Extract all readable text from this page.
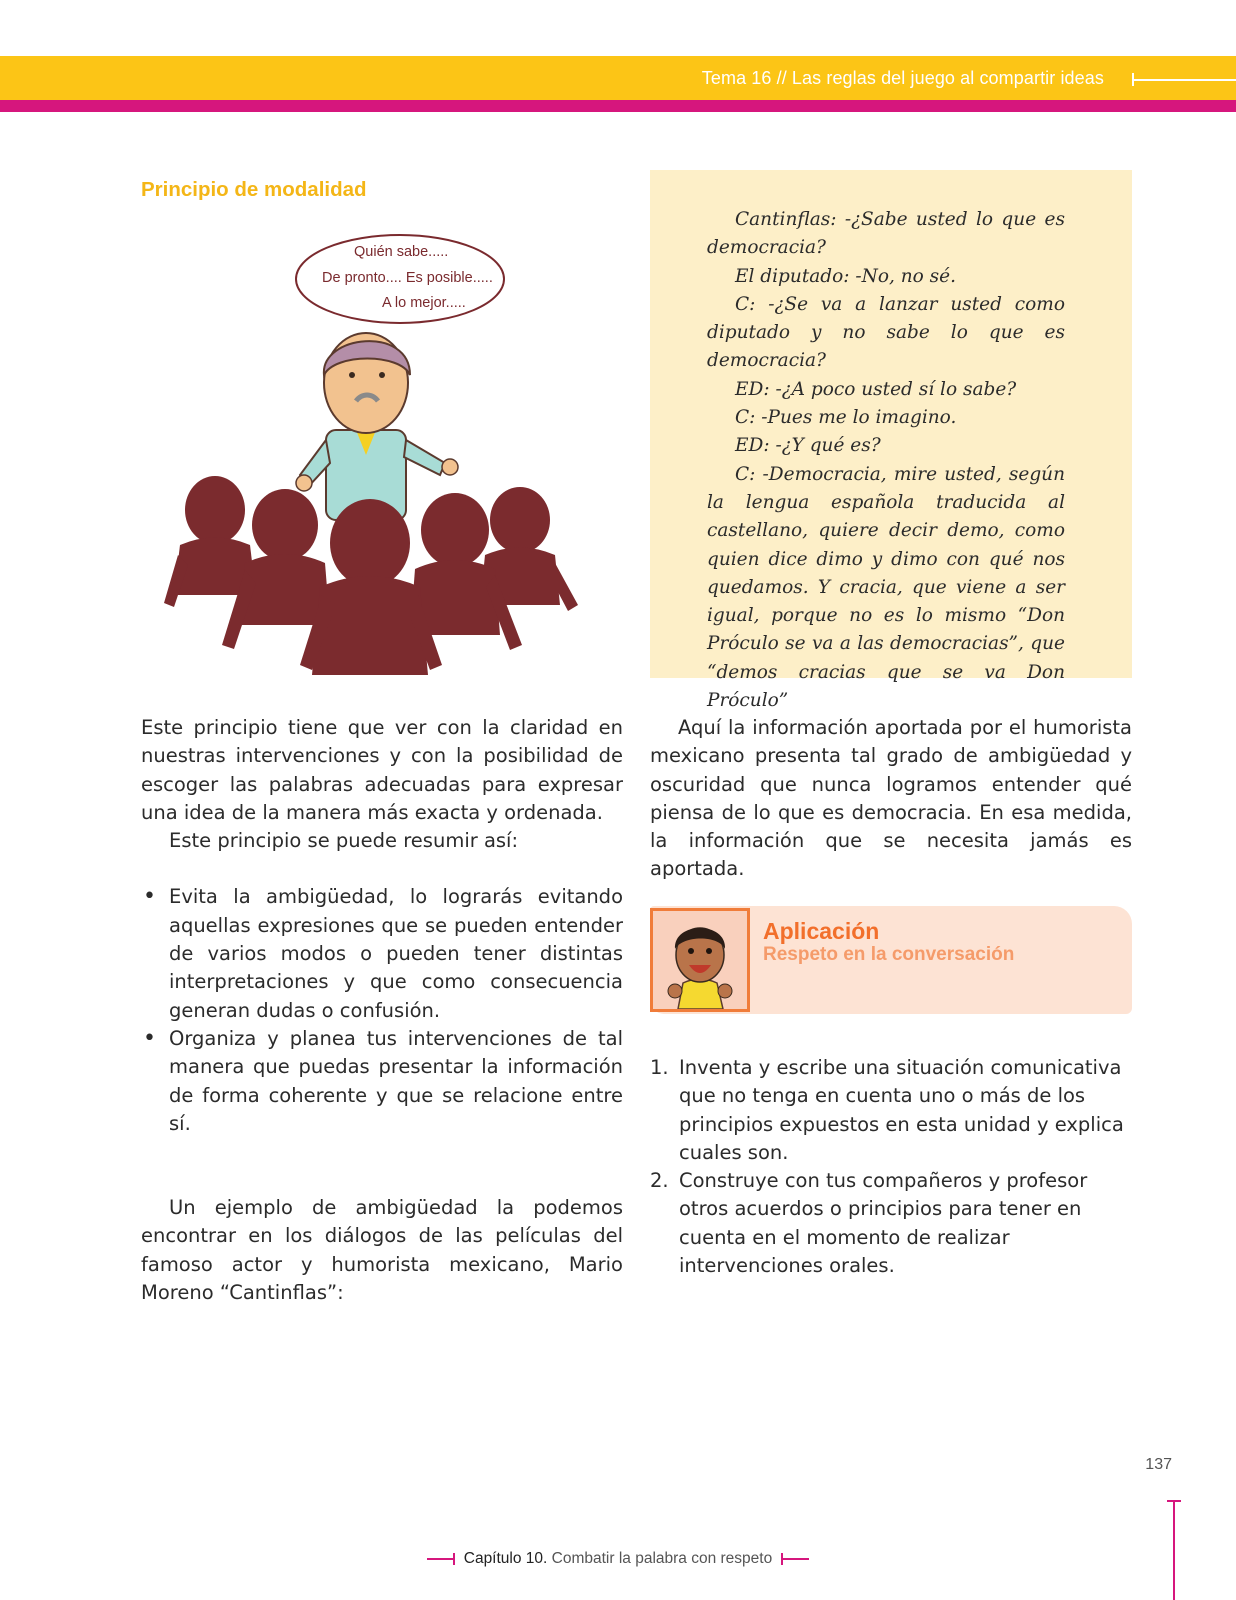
Tema 16 // Las reglas del juego al compartir ideas
Principio de modalidad
Quién sabe.....
De pronto.... Es posible.....
A lo mejor.....

Cantinflas: -¿Sabe usted lo que es democracia?

El diputado: -No, no sé.

C: -¿Se va a lanzar usted como diputado y no sabe lo que es democracia?

ED: -¿A poco usted sí lo sabe?

C: -Pues me lo imagino.

ED: -¿Y qué es?

C: -Democracia, mire usted, según la lengua española traducida al castellano, quiere decir demo, como quien dice dimo y dimo con qué nos quedamos. Y cracia, que viene a ser igual, porque no es lo mismo “Don Próculo se va a las democracias”, que “demos cracias que se va Don Próculo”

Este principio tiene que ver con la claridad en nuestras intervenciones y con la posibilidad de escoger las palabras adecuadas para expresar una idea de la manera más exacta y ordenada.

Este principio se puede resumir así:

• Evita la ambigüedad, lo lograrás evitando aquellas expresiones que se pueden entender de varios modos o pueden tener distintas interpretaciones y que como consecuencia generan dudas o confusión.
• Organiza y planea tus intervenciones de tal manera que puedas presentar la información de forma coherente y que se relacione entre sí.

Un ejemplo de ambigüedad la podemos encontrar en los diálogos de las películas del famoso actor y humorista mexicano, Mario Moreno “Cantinflas”:

Aquí la información aportada por el humorista mexicano presenta tal grado de ambigüedad y oscuridad que nunca logramos entender qué piensa de lo que es democracia. En esa medida, la información que se necesita jamás es aportada.

Aplicación
Respeto en la conversación
1. Inventa y escribe una situación comunicativa que no tenga en cuenta uno o más de los principios expuestos en esta unidad y explica cuales son.
2. Construye con tus compañeros y profesor otros acuerdos o principios para tener en cuenta en el momento de realizar intervenciones orales.
137
Capítulo 10. Combatir la palabra con respeto
